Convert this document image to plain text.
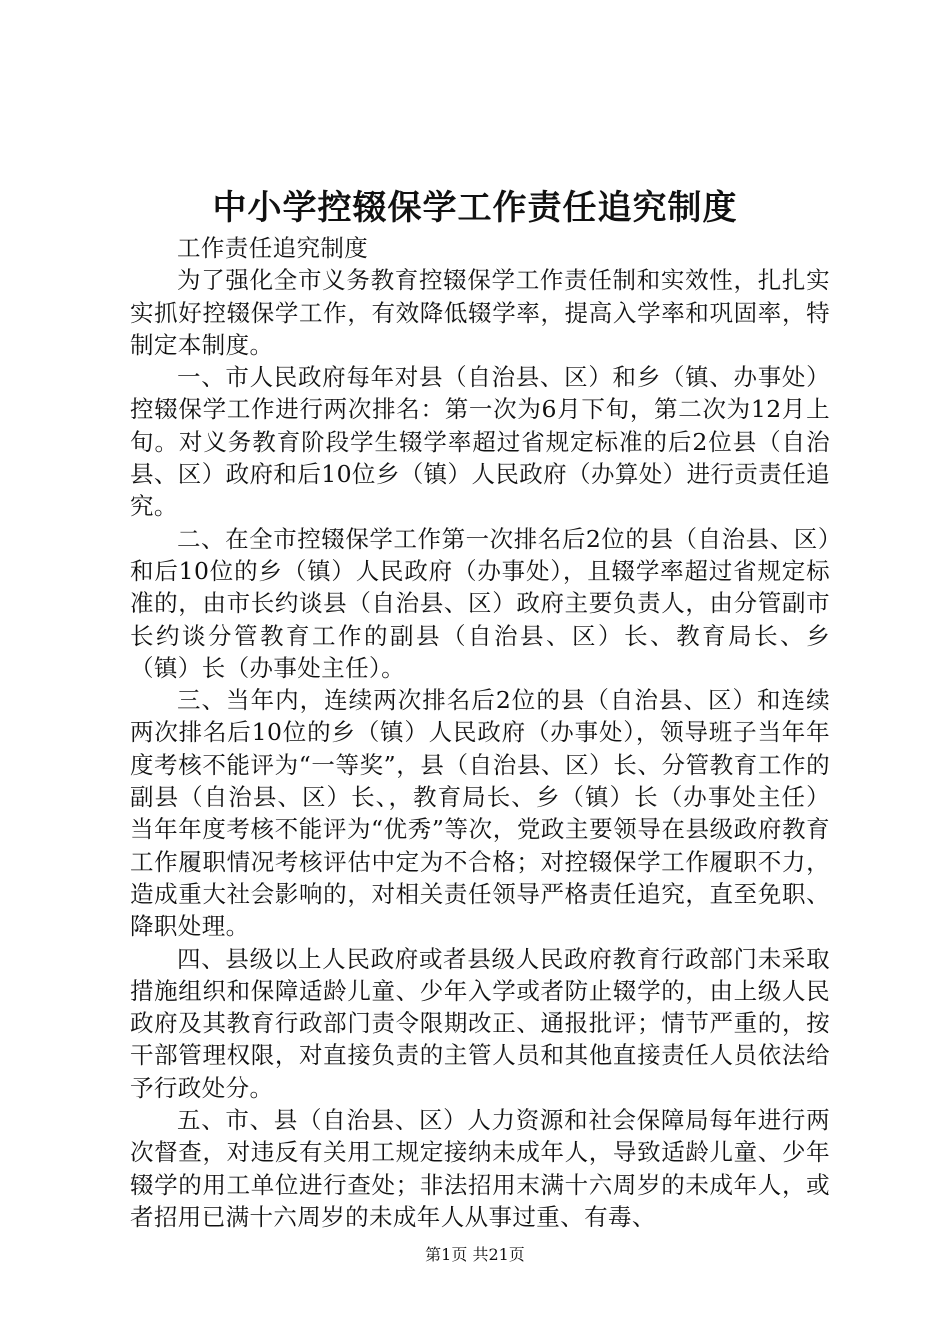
中小学控辍保学工作责任追究制度

工作责任追究制度

为了强化全市义务教育控辍保学工作责任制和实效性，扎扎实实抓好控辍保学工作，有效降低辍学率，提高入学率和巩固率，特制定本制度。

一、市人民政府每年对县（自治县、区）和乡（镇、办事处）控辍保学工作进行两次排名：第一次为6月下旬，第二次为12月上旬。对义务教育阶段学生辍学率超过省规定标准的后2位县（自治县、区）政府和后10位乡（镇）人民政府（办算处）进行贡责任追究。

二、在全市控辍保学工作第一次排名后2位的县（自治县、区）和后10位的乡（镇）人民政府（办事处），且辍学率超过省规定标准的，由市长约谈县（自治县、区）政府主要负责人，由分管副市长约谈分管教育工作的副县（自治县、区）长、教育局长、乡（镇）长（办事处主任）。

三、当年内，连续两次排名后2位的县（自治县、区）和连续两次排名后10位的乡（镇）人民政府（办事处），领导班子当年年度考核不能评为“一等奖”，县（自治县、区）长、分管教育工作的副县（自治县、区）长、，教育局长、乡（镇）长（办事处主任）当年年度考核不能评为“优秀”等次，党政主要领导在县级政府教育工作履职情况考核评估中定为不合格；对控辍保学工作履职不力，造成重大社会影响的，对相关责任领导严格责任追究，直至免职、降职处理。

四、县级以上人民政府或者县级人民政府教育行政部门未采取措施组织和保障适龄儿童、少年入学或者防止辍学的，由上级人民政府及其教育行政部门责令限期改正、通报批评；情节严重的，按干部管理权限，对直接负责的主管人员和其他直接责任人员依法给予行政处分。

五、市、县（自治县、区）人力资源和社会保障局每年进行两次督查，对违反有关用工规定接纳未成年人，导致适龄儿童、少年辍学的用工单位进行查处；非法招用末满十六周岁的未成年人，或者招用已满十六周岁的未成年人从事过重、有毒、

第1页 共21页
